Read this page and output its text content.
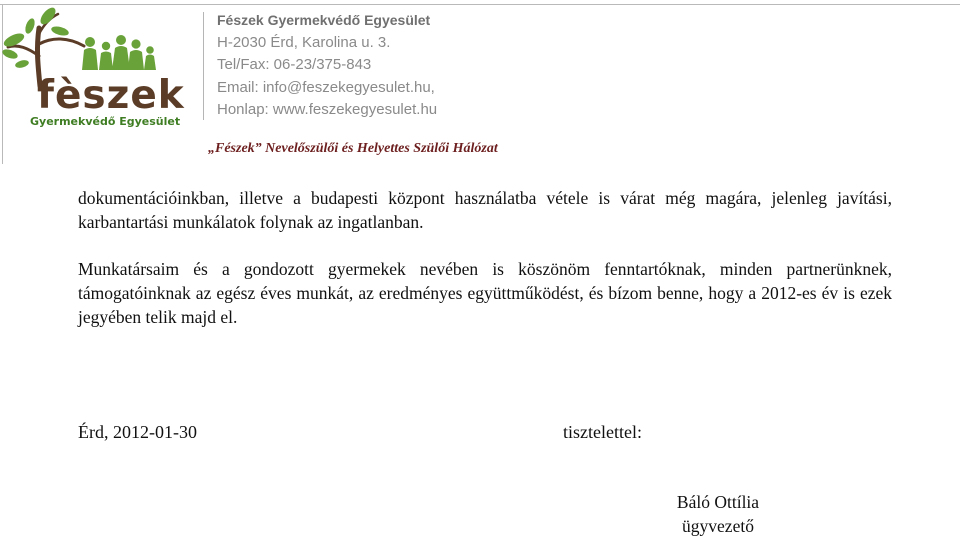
fèszek
Gyermekvédő Egyesület
Fészek Gyermekvédő Egyesület
H-2030 Érd, Karolina u. 3.
Tel/Fax: 06-23/375-843
Email: info@feszekegyesulet.hu,
Honlap: www.feszekegyesulet.hu
„Fészek” Nevelőszülői és Helyettes Szülői Hálózat

dokumentációinkban, illetve a budapesti központ használatba vétele is várat még magára, jelenleg javítási, karbantartási munkálatok folynak az ingatlanban.

Munkatársaim és a gondozott gyermekek nevében is köszönöm fenntartóknak, minden partnerünknek, támogatóinknak az egész éves munkát, az eredményes együttműködést, és bízom benne, hogy a 2012-es év is ezek jegyében telik majd el.

Érd, 2012-01-30	tisztelettel:
Báló Ottília
ügyvezető
